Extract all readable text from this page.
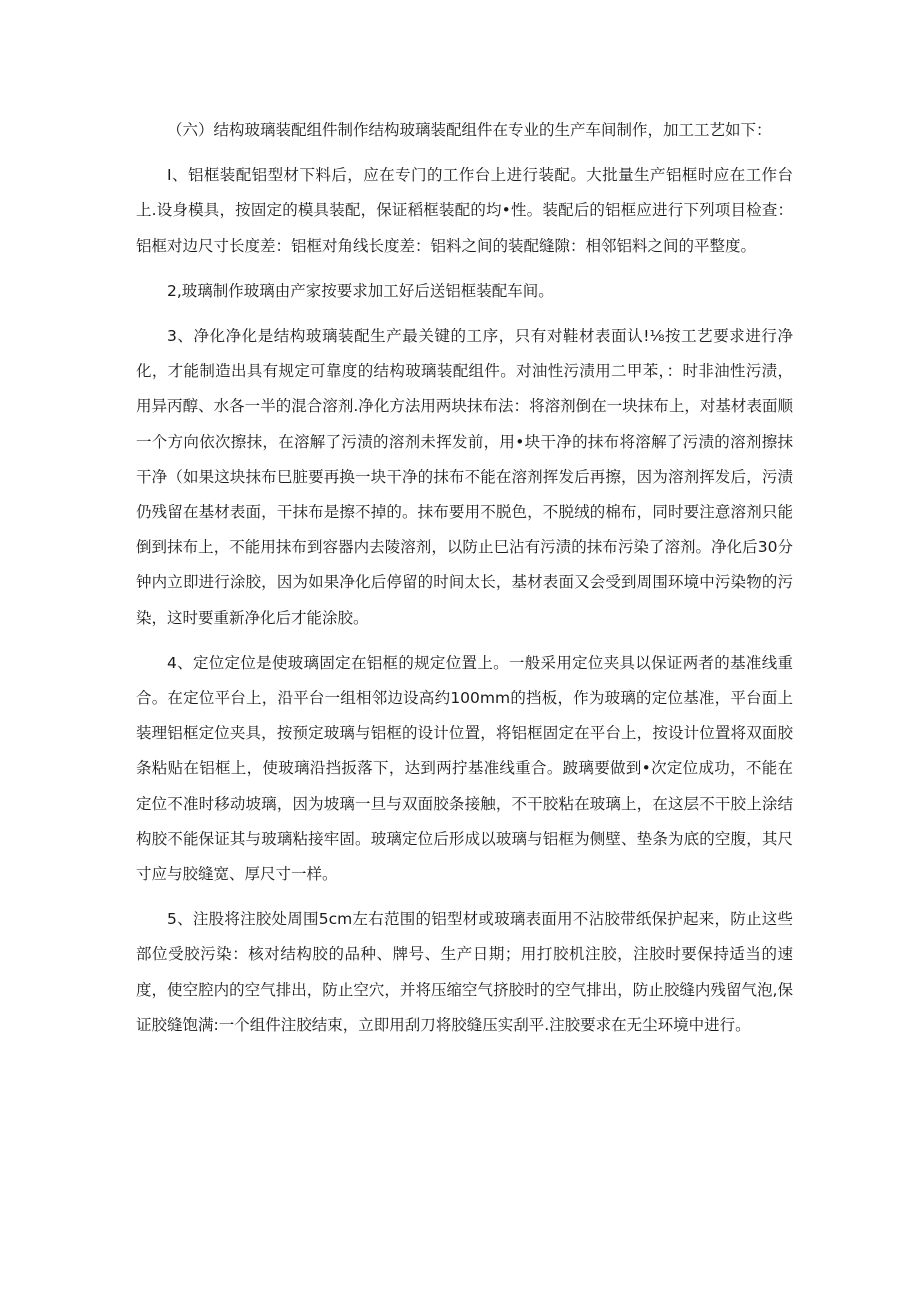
（六）结构玻璃装配组件制作结构玻璃装配组件在专业的生产车间制作，加工工艺如下：

I、铝框装配铝型材下料后，应在专门的工作台上进行装配。大批量生产铝框时应在工作台上.设身模具，按固定的模具装配，保证稻框装配的均•性。装配后的铝框应进行下列项目检查：铝框对边尺寸长度差：铝框对角线长度差：铝料之间的装配缝隙：相邻铝料之间的平整度。

2,玻璃制作玻璃由产家按要求加工好后送铝框装配车间。

3、净化净化是结构玻璃装配生产最关键的工序，只有对鞋材表面认!⅛按工艺要求进行净化，才能制造出具有规定可靠度的结构玻璃装配组件。对油性污渍用二甲苯，：时非油性污渍，用异丙醇、水各一半的混合溶剂.净化方法用两块抹布法：将溶剂倒在一块抹布上，对基材表面顺一个方向依次擦抹，在溶解了污渍的溶剂未挥发前，用•块干净的抹布将溶解了污渍的溶剂擦抹干净（如果这块抹布巳脏要再换一块干净的抹布不能在溶剂挥发后再擦，因为溶剂挥发后，污渍仍残留在基材表面，干抹布是擦不掉的。抹布要用不脱色，不脱绒的棉布，同时要注意溶剂只能倒到抹布上，不能用抹布到容器内去陵溶剂，以防止巳沾有污渍的抹布污染了溶剂。净化后30分钟内立即进行涂胶，因为如果净化后停留的时间太长，基材表面又会受到周围环境中污染物的污染，这时要重新净化后才能涂胶。

4、定位定位是使玻璃固定在铝框的规定位置上。一般采用定位夹具以保证两者的基准线重合。在定位平台上，沿平台一组相邻边设高约100mm的挡板，作为玻璃的定位基准，平台面上装理铝框定位夹具，按预定玻璃与铝框的设计位置，将铝框固定在平台上，按设计位置将双面胶条粘贴在铝框上，使玻璃沿挡扳落下，达到两拧基准线重合。跛璃要做到•次定位成功，不能在定位不准时移动坡璃，因为坡璃一旦与双面胶条接触，不干胶粘在玻璃上，在这层不干胶上涂结构胶不能保证其与玻璃粘接牢固。玻璃定位后形成以玻璃与铝框为侧壁、垫条为底的空腹，其尺寸应与胶缝宽、厚尺寸一样。

5、注股将注胶处周围5cm左右范围的铝型材或玻璃表面用不沾胶带纸保护起来，防止这些部位受胶污染：核对结构胶的品种、牌号、生产日期；用打胶机注胶，注胶时要保持适当的速度，使空腔内的空气排出，防止空穴，并将压缩空气挤胶时的空气排出，防止胶缝内残留气泡,保证胶缝饱满:一个组件注胶结束，立即用刮刀将胶缝压实刮平.注胶要求在无尘环境中进行。
